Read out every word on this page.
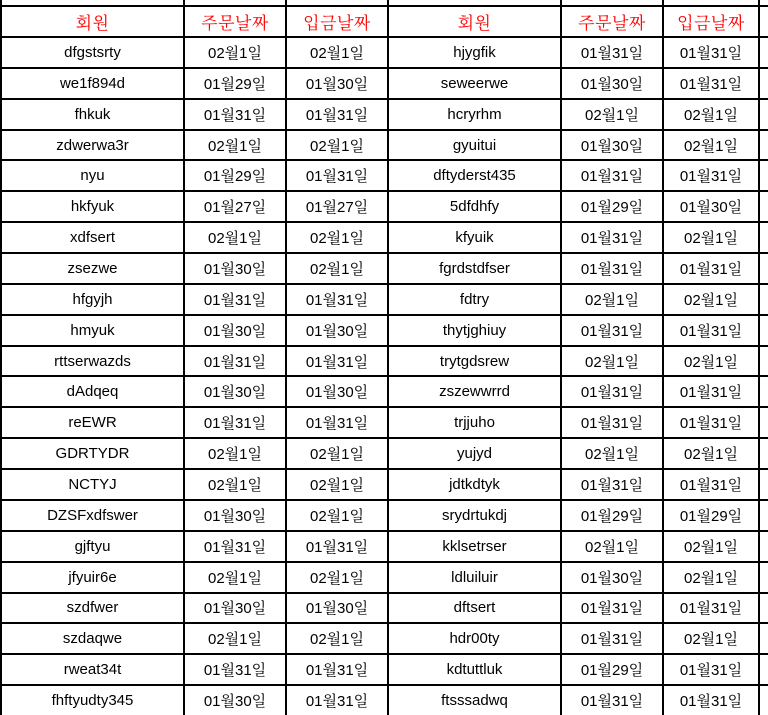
회원	주문날짜	입금날짜	회원	주문날짜	입금날짜
dfgstsrty	02월1일	02월1일	hjygfik	01월31일	01월31일
we1f894d	01월29일	01월30일	seweerwe	01월30일	01월31일
fhkuk	01월31일	01월31일	hcryrhm	02월1일	02월1일
zdwerwa3r	02월1일	02월1일	gyuitui	01월30일	02월1일
nyu	01월29일	01월31일	dftyderst435	01월31일	01월31일
hkfyuk	01월27일	01월27일	5dfdhfy	01월29일	01월30일
xdfsert	02월1일	02월1일	kfyuik	01월31일	02월1일
zsezwe	01월30일	02월1일	fgrdstdfser	01월31일	01월31일
hfgyjh	01월31일	01월31일	fdtry	02월1일	02월1일
hmyuk	01월30일	01월30일	thytjghiuy	01월31일	01월31일
rttserwazds	01월31일	01월31일	trytgdsrew	02월1일	02월1일
dAdqeq	01월30일	01월30일	zszewwrrd	01월31일	01월31일
reEWR	01월31일	01월31일	trjjuho	01월31일	01월31일
GDRTYDR	02월1일	02월1일	yujyd	02월1일	02월1일
NCTYJ	02월1일	02월1일	jdtkdtyk	01월31일	01월31일
DZSFxdfswer	01월30일	02월1일	srydrtukdj	01월29일	01월29일
gjftyu	01월31일	01월31일	kklsetrser	02월1일	02월1일
jfyuir6e	02월1일	02월1일	ldluiluir	01월30일	02월1일
szdfwer	01월30일	01월30일	dftsert	01월31일	01월31일
szdaqwe	02월1일	02월1일	hdr00ty	01월31일	02월1일
rweat34t	01월31일	01월31일	kdtuttluk	01월29일	01월31일
fhftyudty345	01월30일	01월31일	ftsssadwq	01월31일	01월31일
